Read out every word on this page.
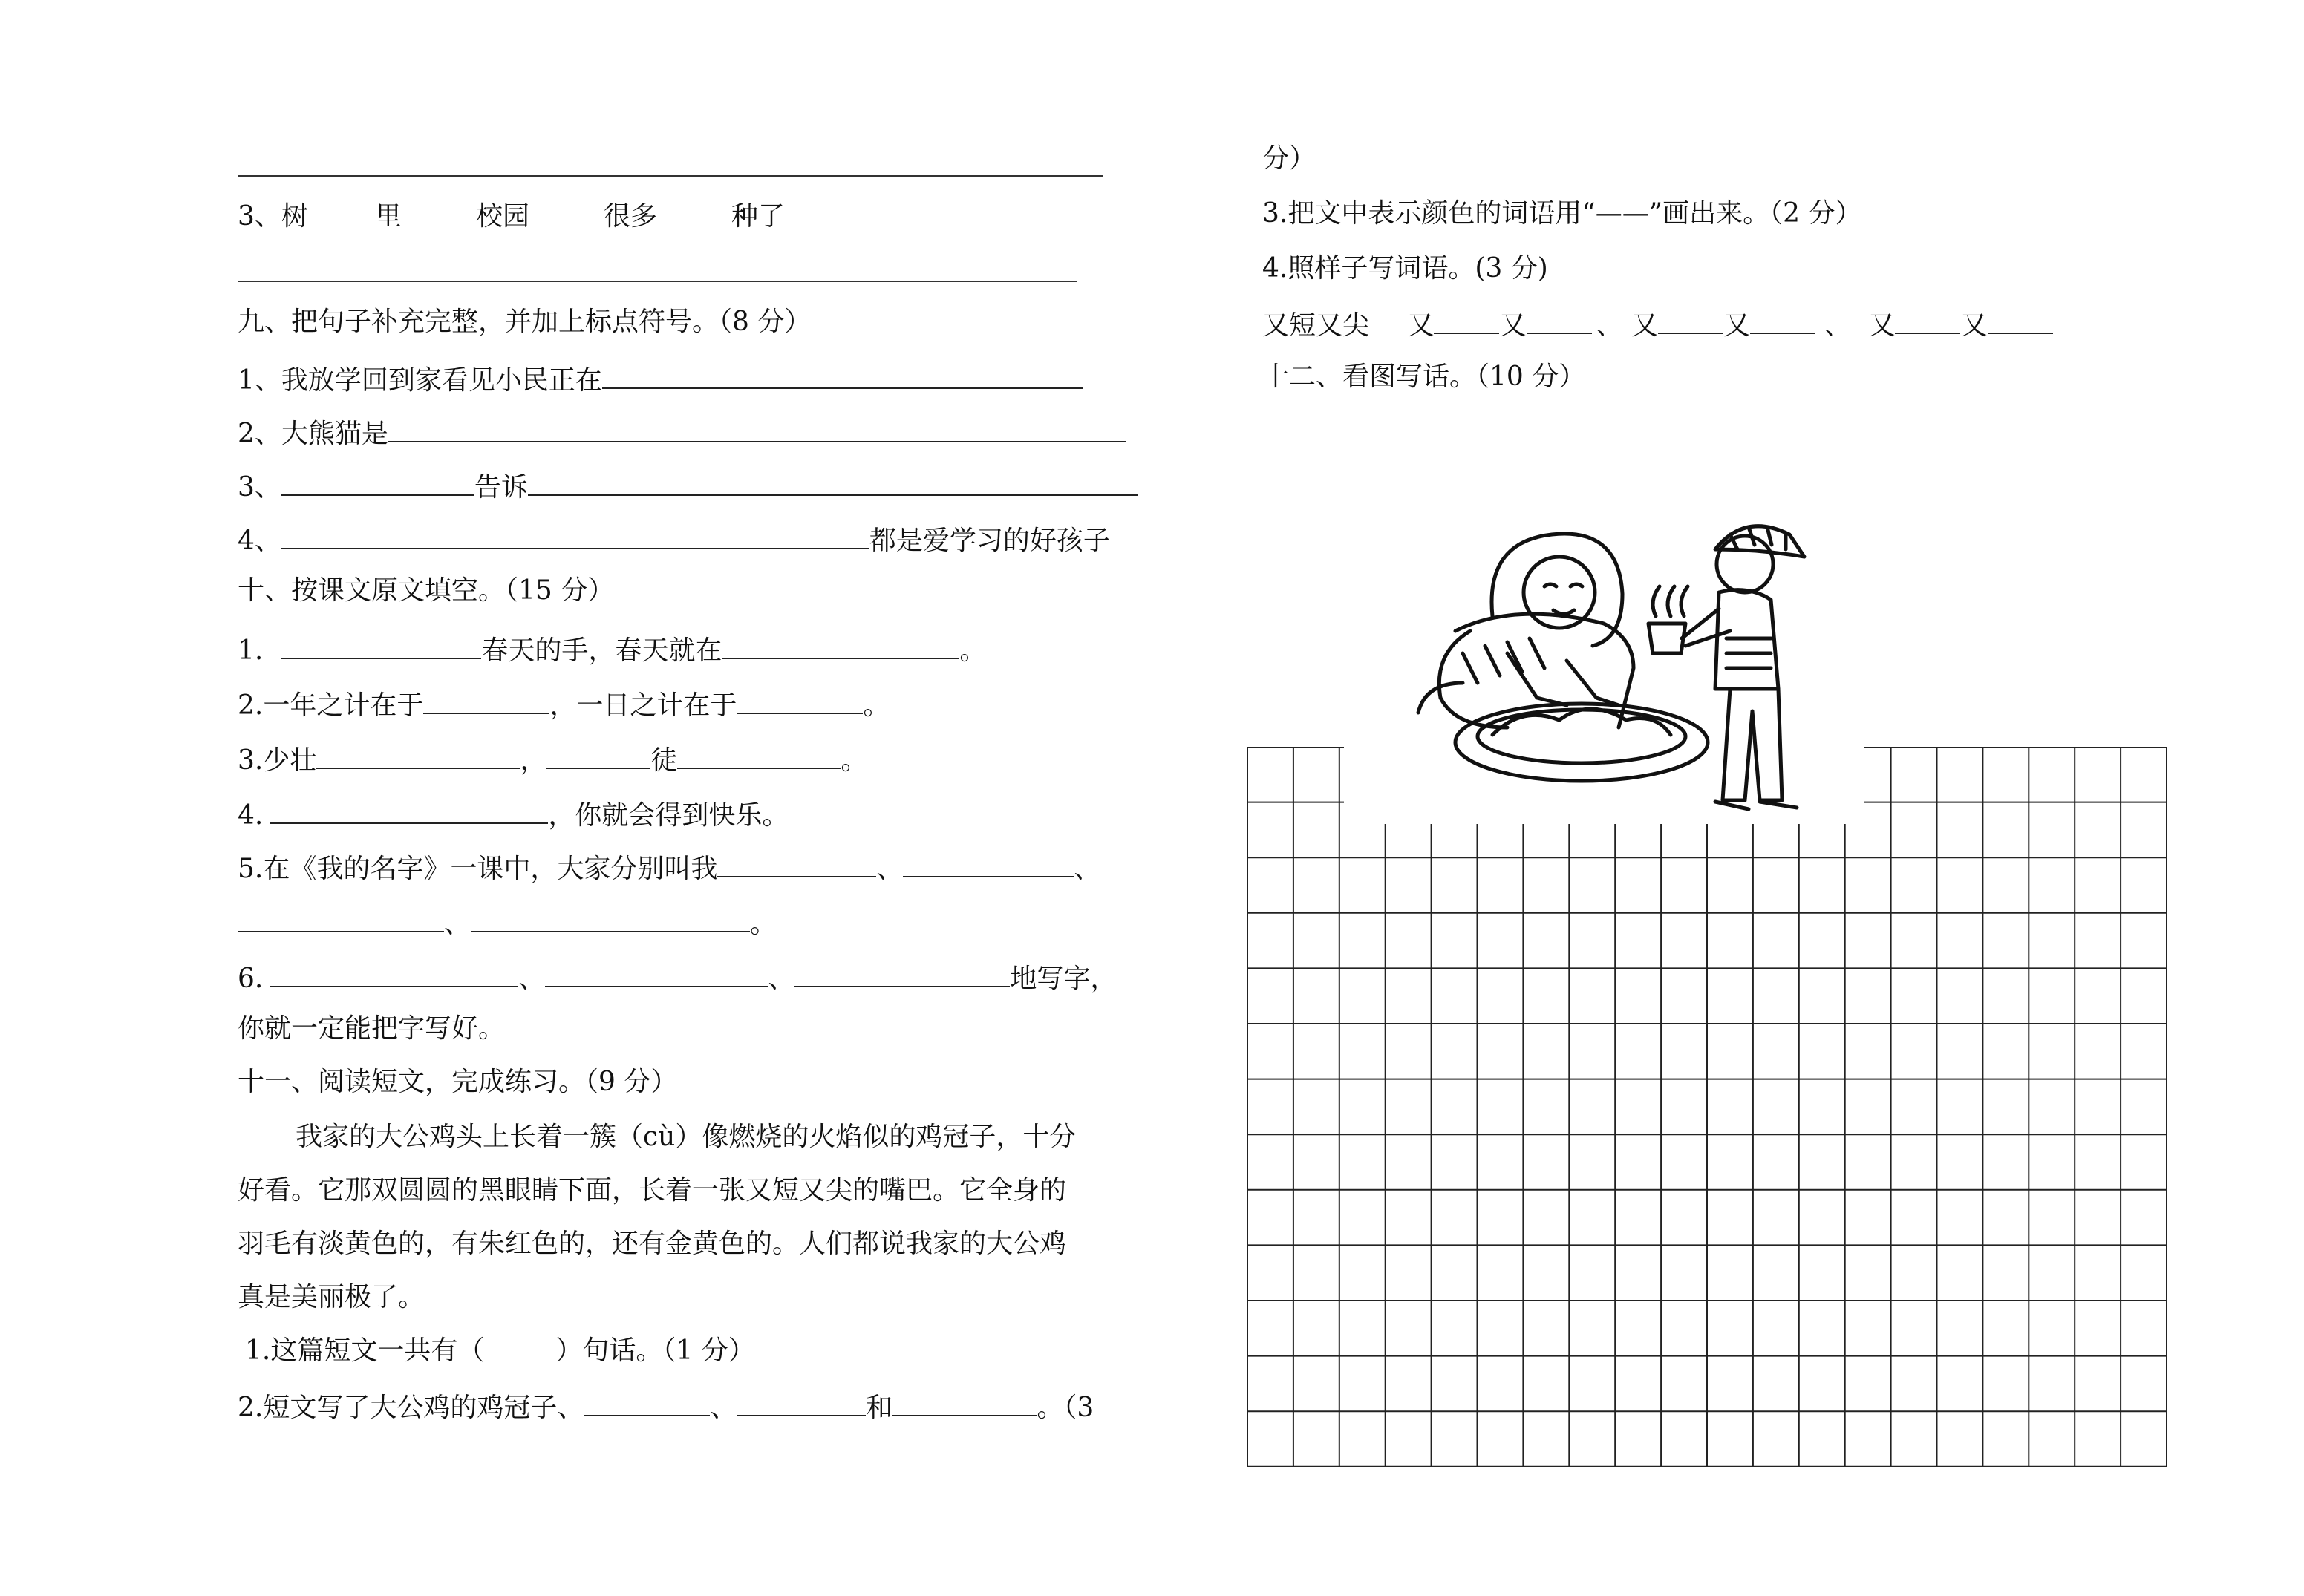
3、树	里	校园	很多	种了
九、把句子补充完整，并加上标点符号。（8 分）
1、我放学回到家看见小民正在
2、大熊猫是
3、	告诉
4、	都是爱学习的好孩子
十、按课文原文填空。（15 分）
1.	春天的手，春天就在	。
2.一年之计在于	，一日之计在于	。
3.少壮	，	徒	。
4.	，你就会得到快乐。
5.在《我的名字》一课中，大家分别叫我	、	、
、	。
6.	、	、	地写字，
你就一定能把字写好。
十一、阅读短文，完成练习。（9 分）
我家的大公鸡头上长着一簇（cù）像燃烧的火焰似的鸡冠子，十分
好看。它那双圆圆的黑眼睛下面，长着一张又短又尖的嘴巴。它全身的
羽毛有淡黄色的，有朱红色的，还有金黄色的。人们都说我家的大公鸡
真是美丽极了。
1.这篇短文一共有（	）句话。（1 分）
2.短文写了大公鸡的鸡冠子、	、	和	。（3
分）
3.把文中表示颜色的词语用“——”画出来。（2 分）
4.照样子写词语。(3 分)
又短又尖 又 又	、 又 又	、 又 又
十二、看图写话。（10 分）
